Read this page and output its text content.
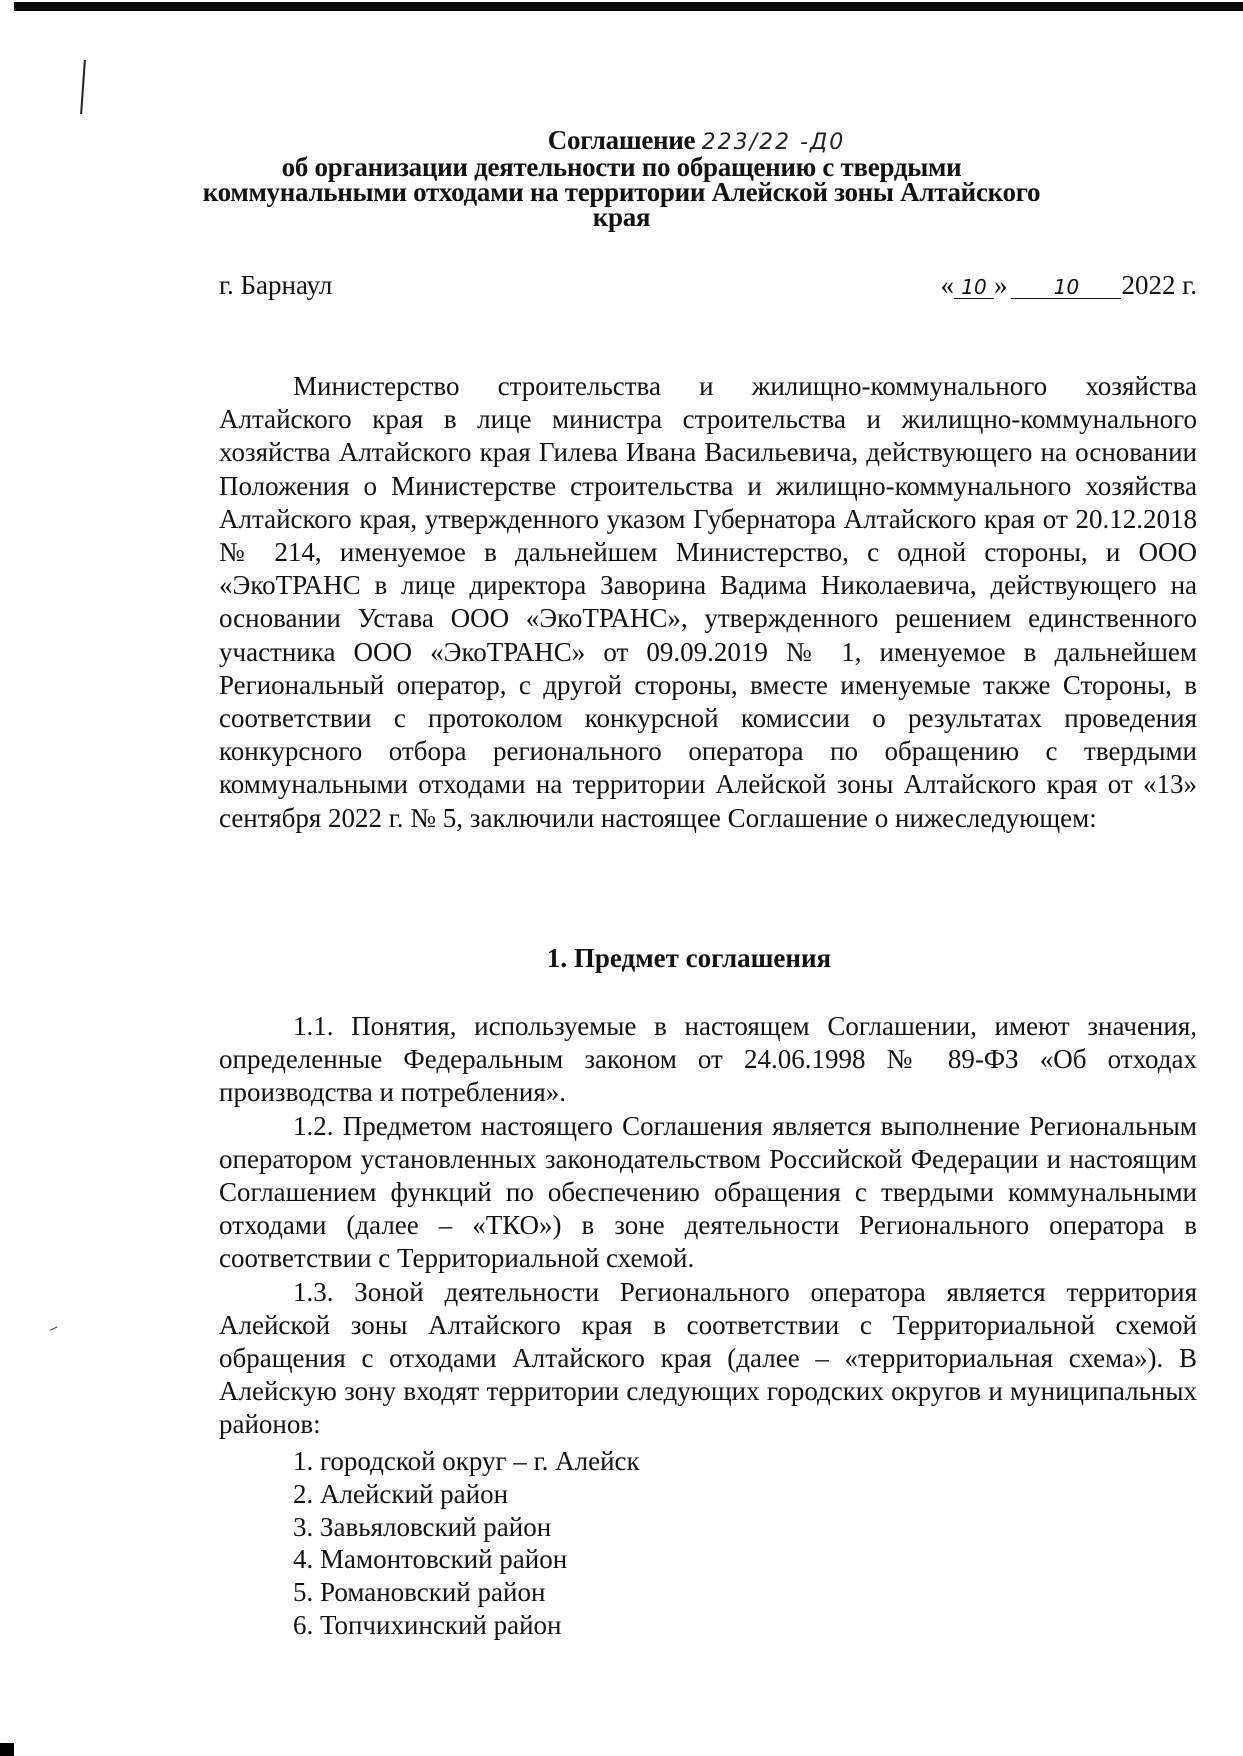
Соглашение 223/22 -Д0
об организации деятельности по обращению с твердыми
коммунальными отходами на территории Алейской зоны Алтайского
края
г. Барнаул	« 10 » 10 2022 г.

Министерство строительства и жилищно-коммунального хозяйства Алтайского края в лице министра строительства и жилищно-коммунального хозяйства Алтайского края Гилева Ивана Васильевича, действующего на основании Положения о Министерстве строительства и жилищно-коммунального хозяйства Алтайского края, утвержденного указом Губернатора Алтайского края от 20.12.2018 № 214, именуемое в дальнейшем Министерство, с одной стороны, и ООО «ЭкоТРАНС в лице директора Заворина Вадима Николаевича, действующего на основании Устава ООО «ЭкоТРАНС», утвержденного решением единственного участника ООО «ЭкоТРАНС» от 09.09.2019 № 1, именуемое в дальнейшем Региональный оператор, с другой стороны, вместе именуемые также Стороны, в соответствии с протоколом конкурсной комиссии о результатах проведения конкурсного отбора регионального оператора по обращению с твердыми коммунальными отходами на территории Алейской зоны Алтайского края от «13» сентября 2022 г. № 5, заключили настоящее Соглашение о нижеследующем:

1. Предмет соглашения

1.1. Понятия, используемые в настоящем Соглашении, имеют значения, определенные Федеральным законом от 24.06.1998 № 89-ФЗ «Об отходах производства и потребления».

1.2. Предметом настоящего Соглашения является выполнение Региональным оператором установленных законодательством Российской Федерации и настоящим Соглашением функций по обеспечению обращения с твердыми коммунальными отходами (далее – «ТКО») в зоне деятельности Регионального оператора в соответствии с Территориальной схемой.

1.3. Зоной деятельности Регионального оператора является территория Алейской зоны Алтайского края в соответствии с Территориальной схемой обращения с отходами Алтайского края (далее – «территориальная схема»). В Алейскую зону входят территории следующих городских округов и муниципальных районов:

1. городской округ – г. Алейск
2. Алейский район
3. Завьяловский район
4. Мамонтовский район
5. Романовский район
6. Топчихинский район
